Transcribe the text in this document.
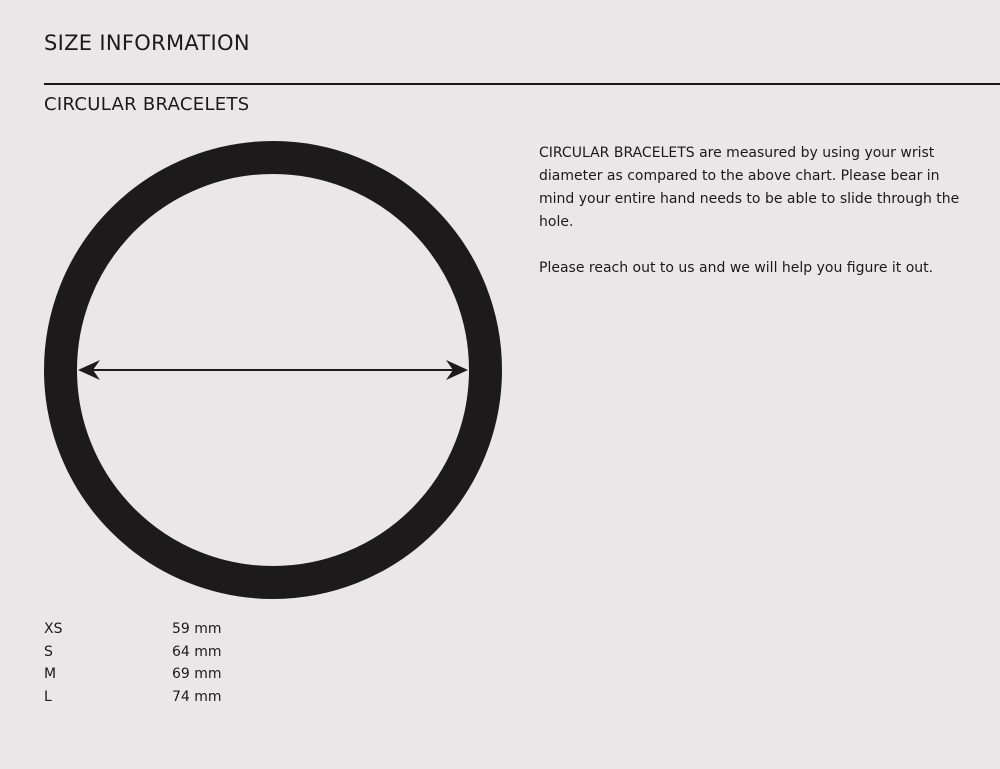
SIZE INFORMATION
CIRCULAR BRACELETS

CIRCULAR BRACELETS are measured by using your wrist diameter as compared to the above chart. Please bear in mind your entire hand needs to be able to slide through the hole.

Please reach out to us and we will help you figure it out.

XS	59 mm
S	64 mm
M	69 mm
L	74 mm
